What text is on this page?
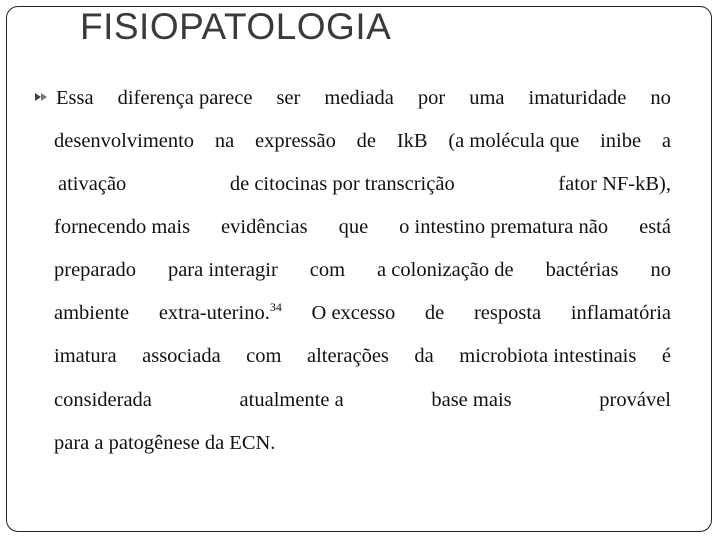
FISIOPATOLOGIA
Essa diferença parece ser mediada por uma imaturidade no
desenvolvimento na expressão de IkB (a molécula que inibe a
ativação	de citocinas por transcrição	fator NF-kB),
fornecendo mais evidências que o intestino prematura não está
preparado para interagir com a colonização de bactérias no
ambiente extra-uterino.$^{34}$ O excesso de resposta inflamatória
imatura associada com alterações da microbiota intestinais é
considerada	atualmente a	base mais	provável
para a patogênese da ECN.
